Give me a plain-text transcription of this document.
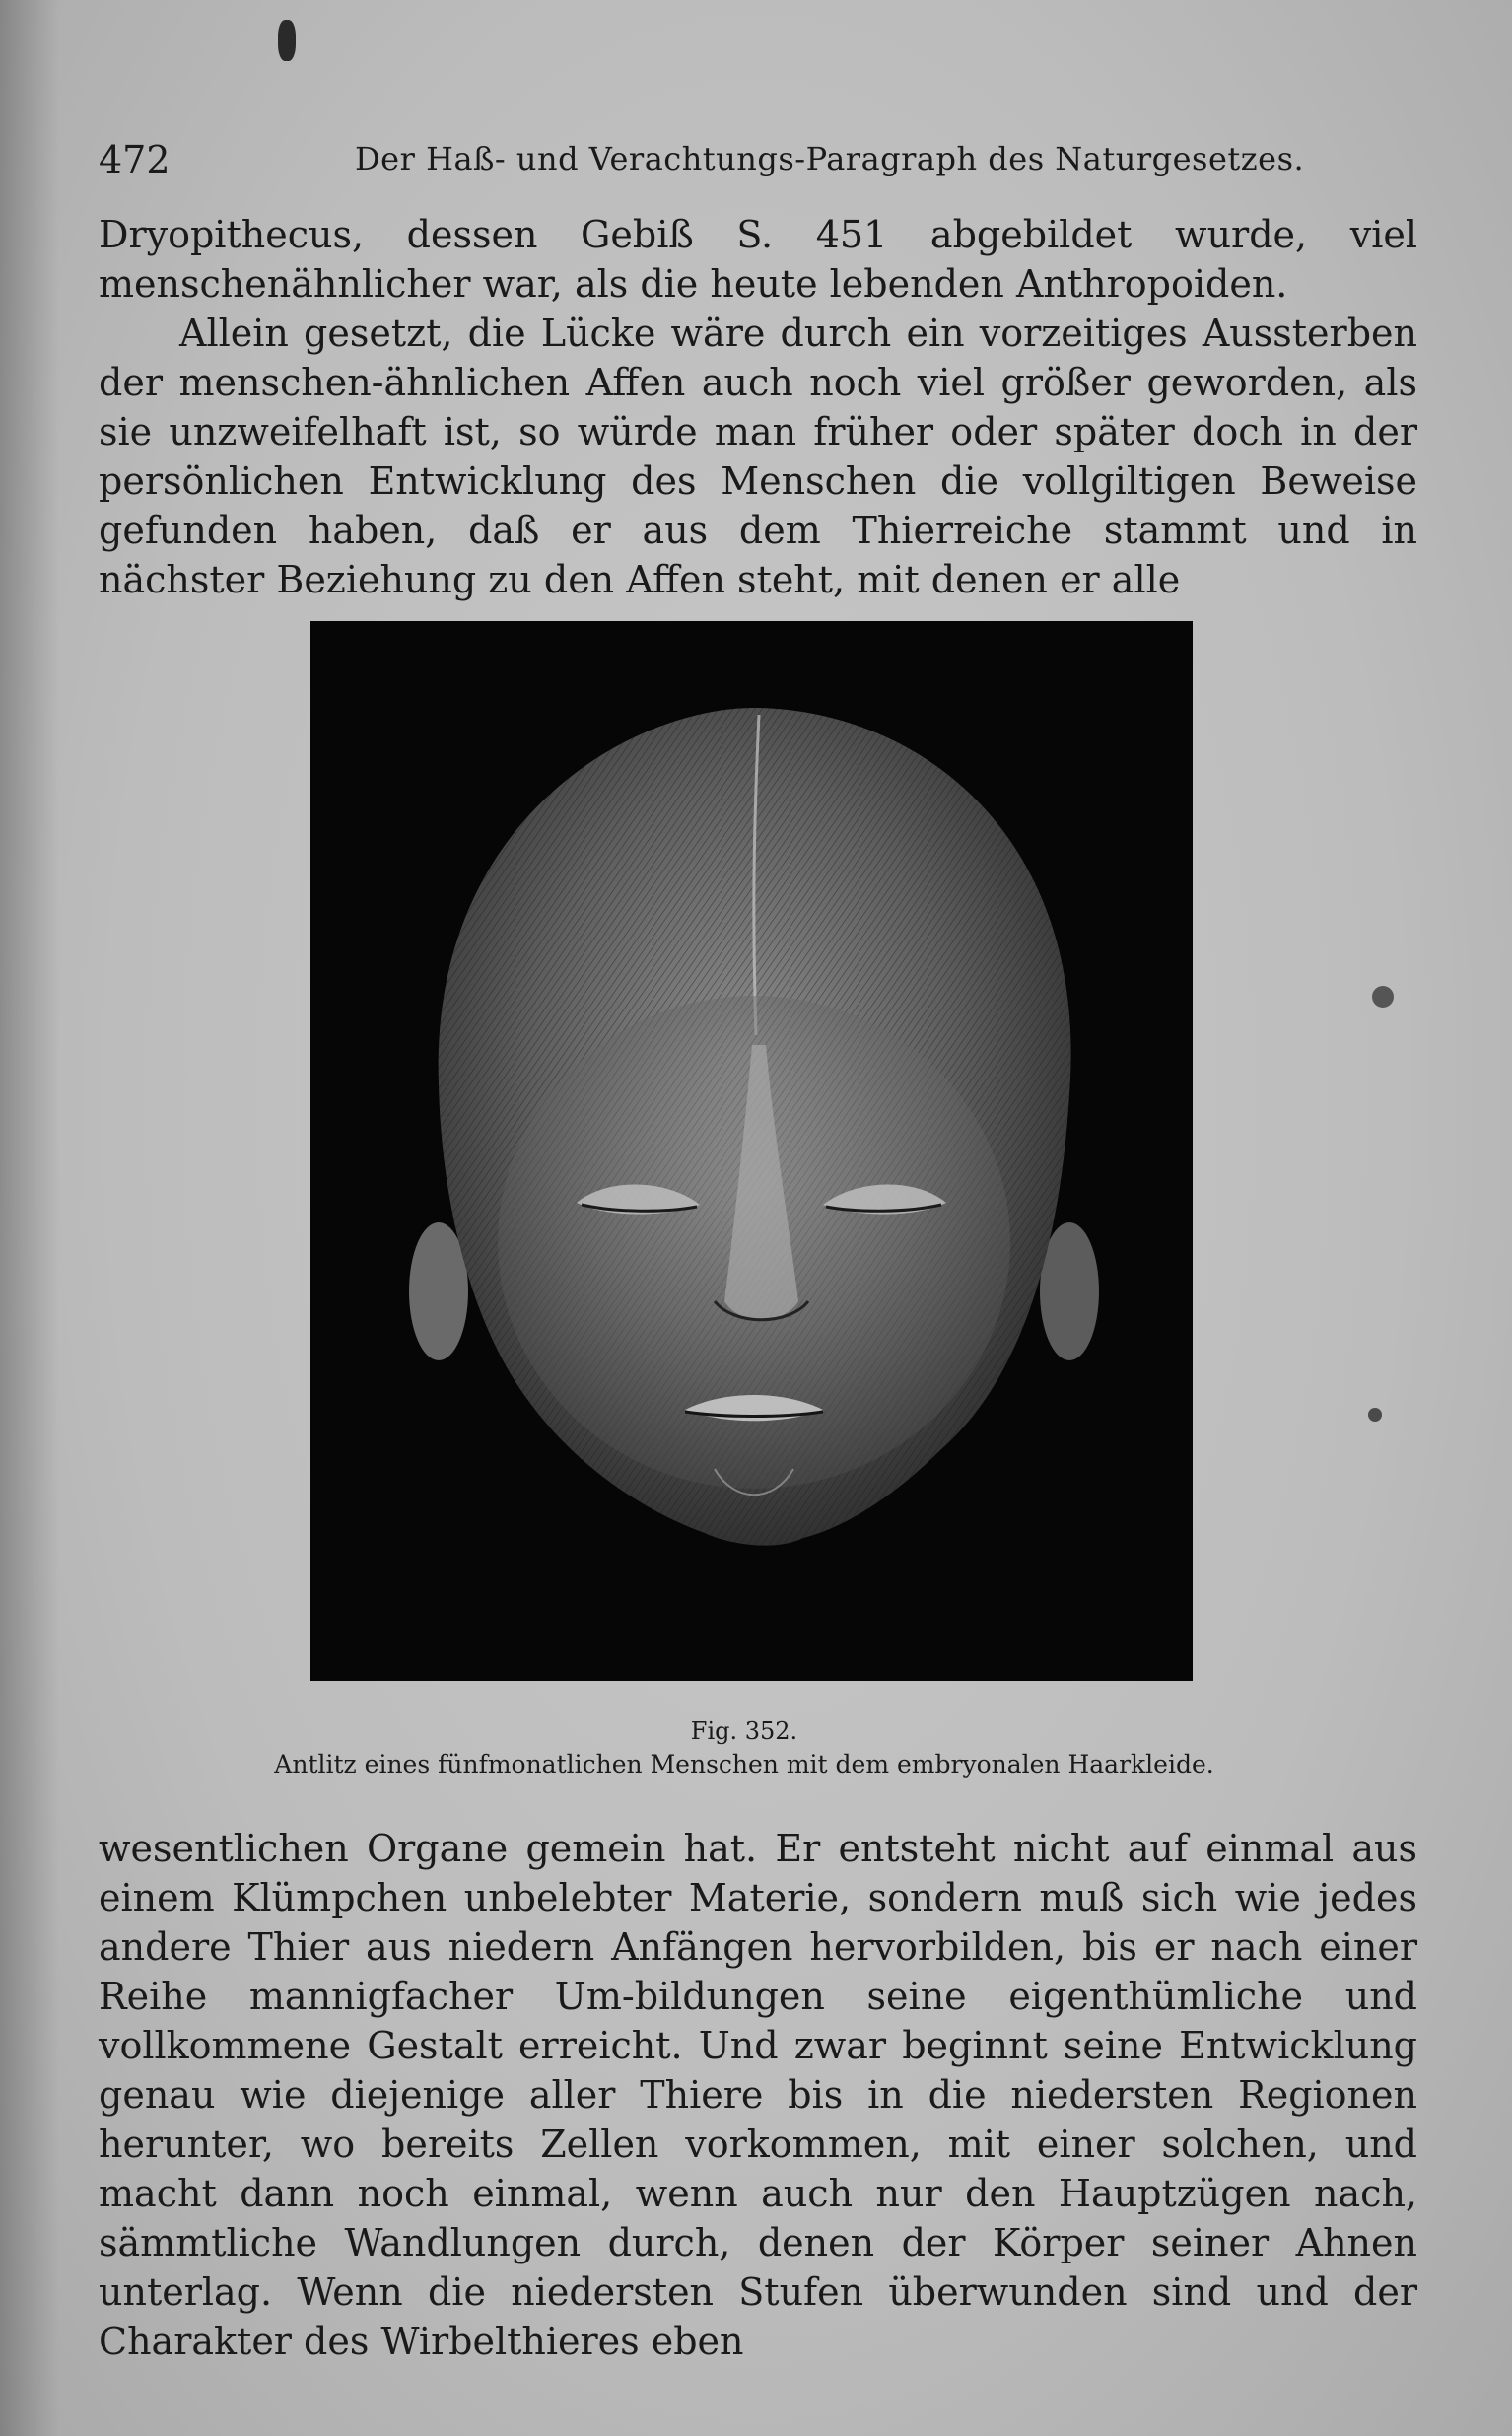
472	Der Haß- und Verachtungs-Paragraph des Naturgesetzes.

Dryopithecus, dessen Gebiß S. 451 abgebildet wurde, viel menschenähnlicher war, als die heute lebenden Anthropoiden.

Allein gesetzt, die Lücke wäre durch ein vorzeitiges Aussterben der menschen-ähnlichen Affen auch noch viel größer geworden, als sie unzweifelhaft ist, so würde man früher oder später doch in der persönlichen Entwicklung des Menschen die vollgiltigen Beweise gefunden haben, daß er aus dem Thierreiche stammt und in nächster Beziehung zu den Affen steht, mit denen er alle

Fig. 352.
Antlitz eines fünfmonatlichen Menschen mit dem embryonalen Haarkleide.

wesentlichen Organe gemein hat. Er entsteht nicht auf einmal aus einem Klümpchen unbelebter Materie, sondern muß sich wie jedes andere Thier aus niedern Anfängen hervorbilden, bis er nach einer Reihe mannigfacher Um-bildungen seine eigenthümliche und vollkommene Gestalt erreicht. Und zwar beginnt seine Entwicklung genau wie diejenige aller Thiere bis in die niedersten Regionen herunter, wo bereits Zellen vorkommen, mit einer solchen, und macht dann noch einmal, wenn auch nur den Hauptzügen nach, sämmtliche Wandlungen durch, denen der Körper seiner Ahnen unterlag. Wenn die niedersten Stufen überwunden sind und der Charakter des Wirbelthieres eben
